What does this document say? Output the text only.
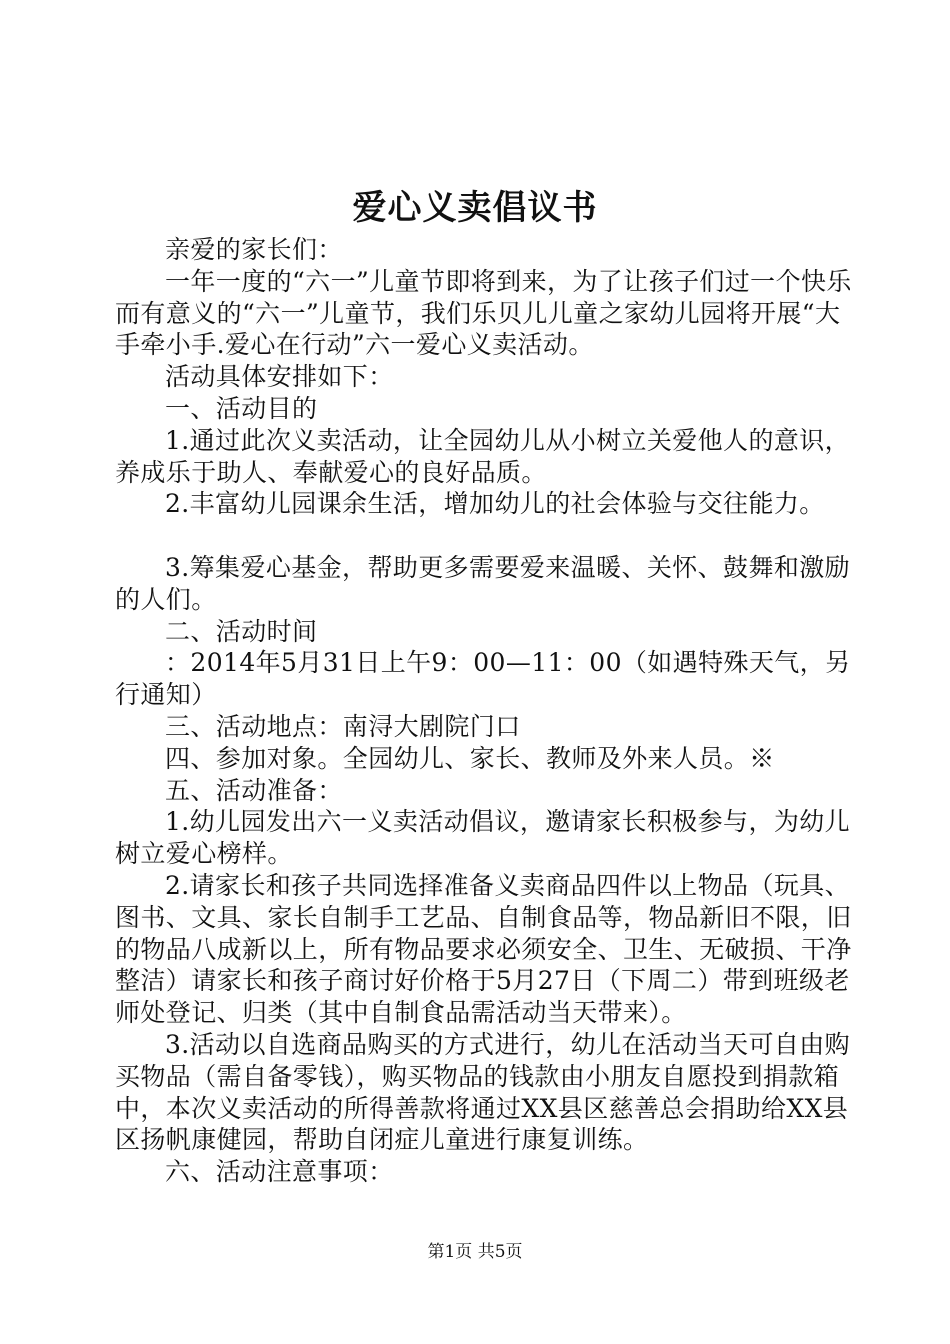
爱心义卖倡议书

亲爱的家长们：

一年一度的“六一”儿童节即将到来，为了让孩子们过一个快乐而有意义的“六一”儿童节，我们乐贝儿儿童之家幼儿园将开展“大手牵小手.爱心在行动”六一爱心义卖活动。

活动具体安排如下：

一、活动目的

1.通过此次义卖活动，让全园幼儿从小树立关爱他人的意识，养成乐于助人、奉献爱心的良好品质。

2.丰富幼儿园课余生活，增加幼儿的社会体验与交往能力。

3.筹集爱心基金，帮助更多需要爱来温暖、关怀、鼓舞和激励的人们。

二、活动时间

：2014年5月31日上午9：00—11：00（如遇特殊天气，另行通知）

三、活动地点：南浔大剧院门口

四、参加对象。全园幼儿、家长、教师及外来人员。※

五、活动准备：

1.幼儿园发出六一义卖活动倡议，邀请家长积极参与，为幼儿树立爱心榜样。

2.请家长和孩子共同选择准备义卖商品四件以上物品（玩具、图书、文具、家长自制手工艺品、自制食品等，物品新旧不限，旧的物品八成新以上，所有物品要求必须安全、卫生、无破损、干净整洁）请家长和孩子商讨好价格于5月27日（下周二）带到班级老师处登记、归类（其中自制食品需活动当天带来）。

3.活动以自选商品购买的方式进行，幼儿在活动当天可自由购买物品（需自备零钱），购买物品的钱款由小朋友自愿投到捐款箱中，本次义卖活动的所得善款将通过XX县区慈善总会捐助给XX县区扬帆康健园，帮助自闭症儿童进行康复训练。

六、活动注意事项：

第1页 共5页
